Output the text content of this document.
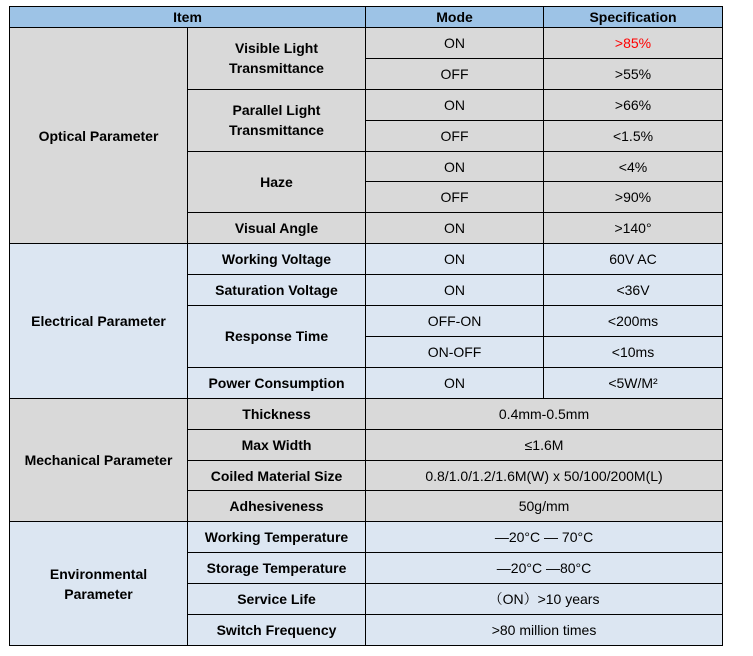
Item		Mode	Specification
Optical Parameter	Visible Light Transmittance	ON	>85%
		OFF	>55%
	Parallel Light Transmittance	ON	>66%
		OFF	<1.5%
	Haze	ON	<4%
		OFF	>90%
	Visual Angle	ON	>140°
Electrical Parameter	Working Voltage	ON	60V AC
	Saturation Voltage	ON	<36V
	Response Time	OFF-ON	<200ms
		ON-OFF	<10ms
	Power Consumption	ON	<5W/M²
Mechanical Parameter	Thickness	0.4mm-0.5mm	
	Max Width	≤1.6M	
	Coiled Material Size	0.8/1.0/1.2/1.6M(W) x 50/100/200M(L)	
	Adhesiveness	50g/mm	
Environmental Parameter	Working Temperature	—20°C — 70°C	
	Storage Temperature	—20°C —80°C	
	Service Life	（ON）>10 years	
	Switch Frequency	>80 million times	
